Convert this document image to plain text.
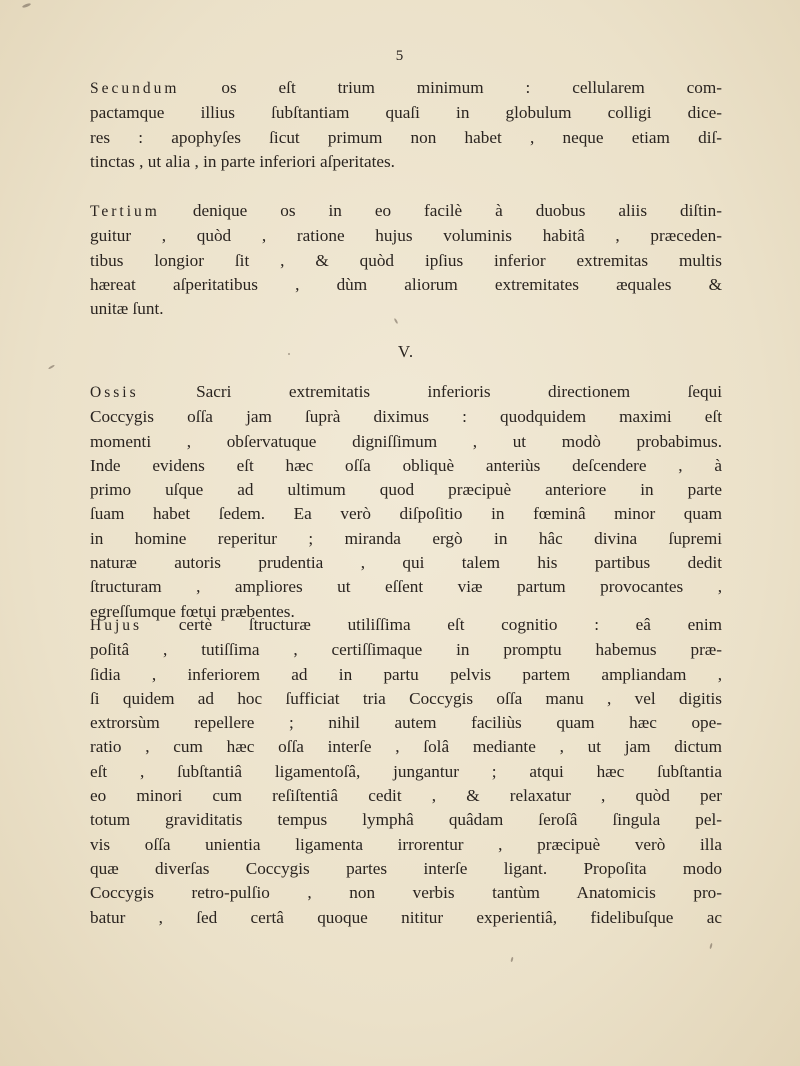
5
Secundum os eſt trium minimum : cellularem com-
pactamque illius ſubſtantiam quaſi in globulum colligi dice-
res : apophyſes ſicut primum non habet , neque etiam diſ-
tinctas , ut alia , in parte inferiori aſperitates.
Tertium denique os in eo facilè à duobus aliis diſtin-
guitur , quòd , ratione hujus voluminis habitâ , præceden-
tibus longior ſit , & quòd ipſius inferior extremitas multis
hæreat aſperitatibus , dùm aliorum extremitates æquales &
unitæ ſunt.
V.
Ossis	Sacri extremitatis inferioris directionem ſequi
Coccygis oſſa jam ſuprà diximus : quodquidem maximi eſt
momenti , obſervatuque digniſſimum , ut modò probabimus.
Inde evidens eſt hæc oſſa obliquè anteriùs deſcendere , à
primo uſque ad ultimum quod præcipuè anteriore in parte
ſuam habet ſedem. Ea verò diſpoſitio in fœminâ minor quam
in homine reperitur ; miranda ergò in hâc divina ſupremi
naturæ autoris prudentia , qui talem his partibus dedit
ſtructuram , ampliores ut eſſent viæ partum provocantes ,
egreſſumque fœtui præbentes.
Hujus certè ſtructuræ utiliſſima eſt cognitio : eâ enim
poſitâ , tutiſſima , certiſſimaque in promptu habemus præ-
ſidia , inferiorem ad in partu pelvis partem ampliandam ,
ſi quidem ad hoc ſufficiat tria Coccygis oſſa manu , vel digitis
extrorsùm repellere ; nihil autem faciliùs quam hæc ope-
ratio , cum hæc oſſa interſe , ſolâ mediante , ut jam dictum
eſt , ſubſtantiâ ligamentoſâ, jungantur ; atqui hæc ſubſtantia
eo minori cum reſiſtentiâ cedit , & relaxatur , quòd per
totum graviditatis tempus lymphâ quâdam ſeroſâ ſingula pel-
vis oſſa unientia ligamenta irrorentur , præcipuè verò illa
quæ diverſas Coccygis partes interſe ligant. Propoſita modo
Coccygis retro-pulſio , non verbis tantùm Anatomicis pro-
batur , ſed certâ quoque nititur experientiâ, fidelibuſque ac
